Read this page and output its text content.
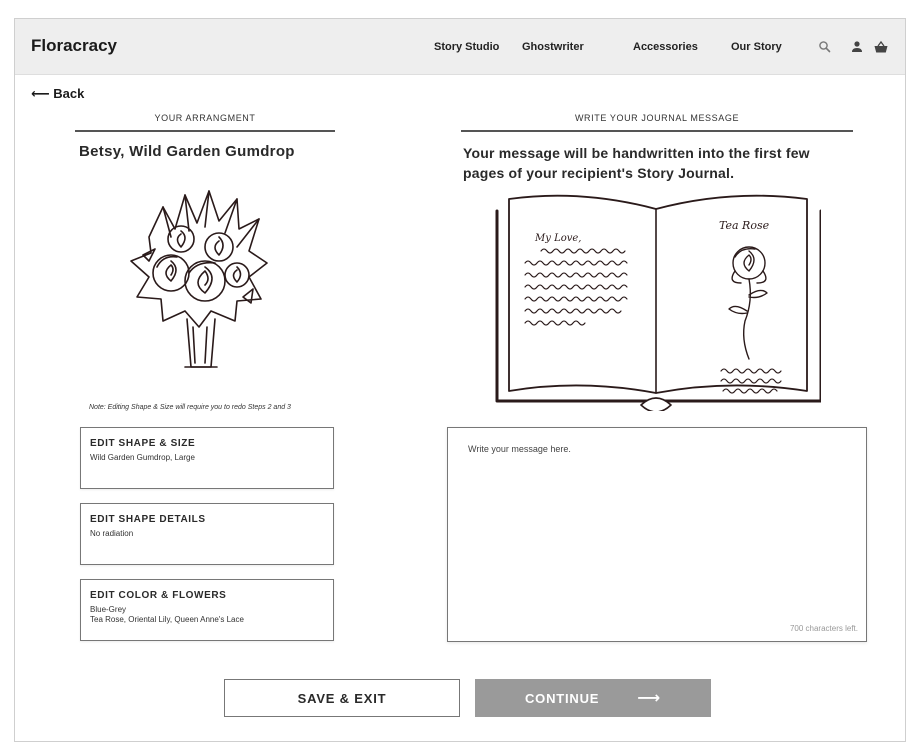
Floracracy	Story Studio Ghostwriter	Accessories	Our Story
⟵ Back
YOUR ARRANGMENT	WRITE YOUR JOURNAL MESSAGE
Betsy, Wild Garden Gumdrop	Your message will be handwritten into the first few pages of your recipient's Story Journal.
My Love,
Tea Rose
Note: Editing Shape & Size will require you to redo Steps 2 and 3
EDIT SHAPE & SIZE
Wild Garden Gumdrop, Large
EDIT SHAPE DETAILS
No radiation
EDIT COLOR & FLOWERS
Blue-Grey
Tea Rose, Oriental Lily, Queen Anne's Lace
Write your message here.
700 characters left.
SAVE & EXIT	CONTINUE ⟶
